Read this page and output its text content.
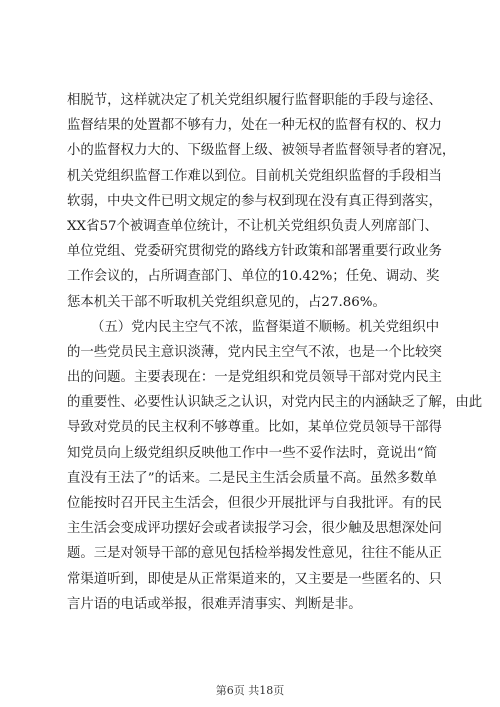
相脱节，这样就决定了机关党组织履行监督职能的手段与途径、
监督结果的处置都不够有力，处在一种无权的监督有权的、权力
小的监督权力大的、下级监督上级、被领导者监督领导者的窘况，
机关党组织监督工作难以到位。目前机关党组织监督的手段相当
软弱，中央文件已明文规定的参与权到现在没有真正得到落实，
XX省57个被调查单位统计，不让机关党组织负责人列席部门、
单位党组、党委研究贯彻党的路线方针政策和部署重要行政业务
工作会议的，占所调查部门、单位的10.42%；任免、调动、奖
惩本机关干部不听取机关党组织意见的，占27.86%。
（五）党内民主空气不浓，监督渠道不顺畅。机关党组织中
的一些党员民主意识淡薄，党内民主空气不浓，也是一个比较突
出的问题。主要表现在：一是党组织和党员领导干部对党内民主
的重要性、必要性认识缺乏之认识，对党内民主的内涵缺乏了解，由此
导致对党员的民主权利不够尊重。比如，某单位党员领导干部得
知党员向上级党组织反映他工作中一些不妥作法时，竟说出“简
直没有王法了”的话来。二是民主生活会质量不高。虽然多数单
位能按时召开民主生活会，但很少开展批评与自我批评。有的民
主生活会变成评功摆好会或者读报学习会，很少触及思想深处问
题。三是对领导干部的意见包括检举揭发性意见，往往不能从正
常渠道听到，即使是从正常渠道来的，又主要是一些匿名的、只
言片语的电话或举报，很难弄清事实、判断是非。
第6页 共18页
